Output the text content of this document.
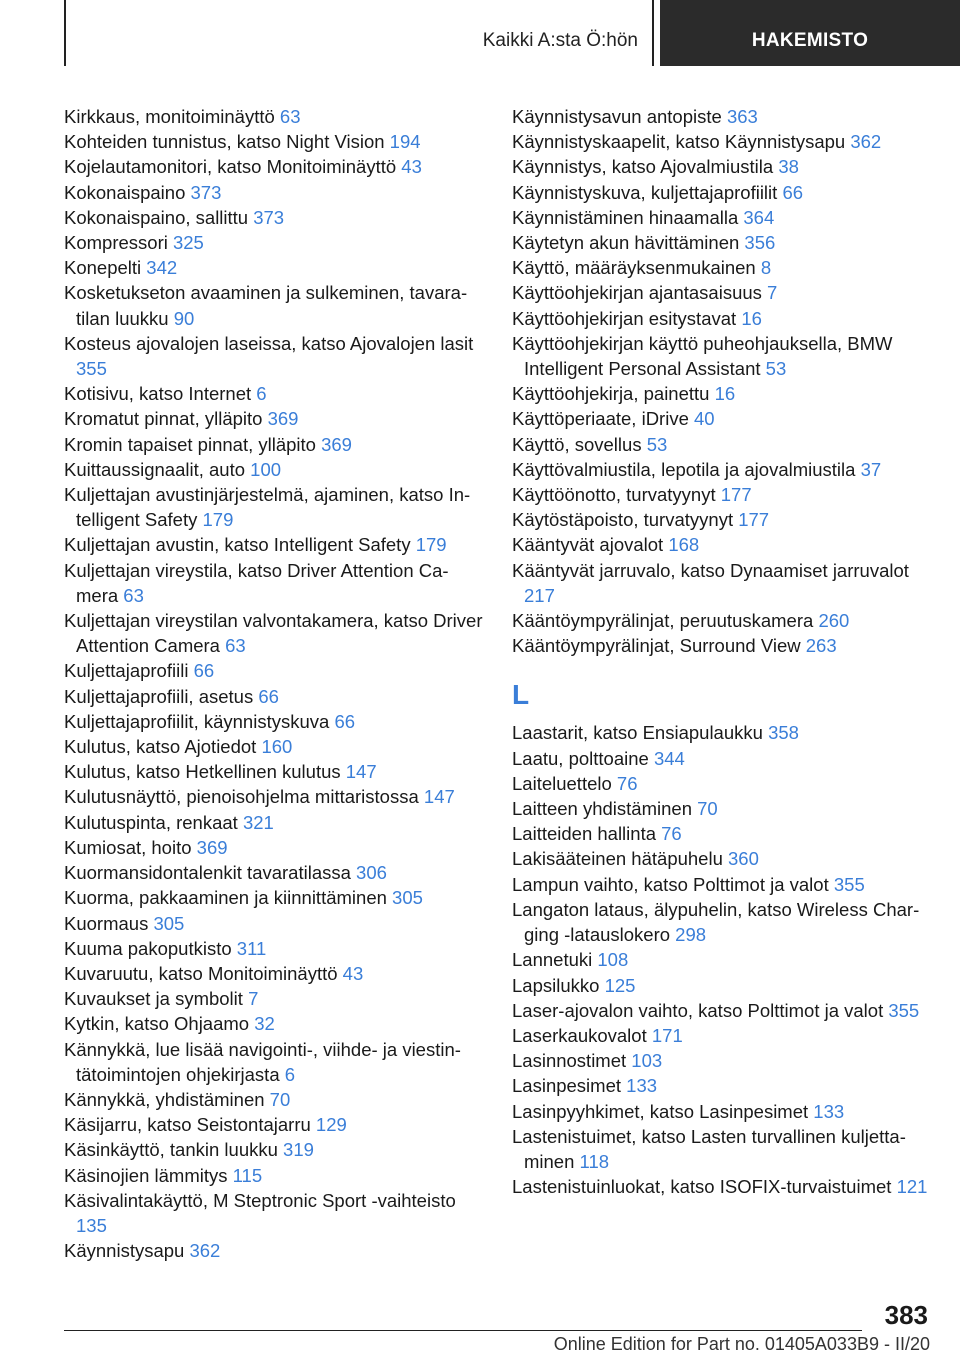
Kaikki A:sta Ö:hön	HAKEMISTO

Kirkkaus, monitoiminäyttö 63

Kohteiden tunnistus, katso Night Vision 194

Kojelautamonitori, katso Monitoiminäyttö 43

Kokonaispaino 373

Kokonaispaino, sallittu 373

Kompressori 325

Konepelti 342

Kosketukseton avaaminen ja sulkeminen, tavaratilan luukku 90

Kosteus ajovalojen laseissa, katso Ajovalojen lasit 355

Kotisivu, katso Internet 6

Kromatut pinnat, ylläpito 369

Kromin tapaiset pinnat, ylläpito 369

Kuittaussignaalit, auto 100

Kuljettajan avustinjärjestelmä, ajaminen, katso Intelligent Safety 179

Kuljettajan avustin, katso Intelligent Safety 179

Kuljettajan vireystila, katso Driver Attention Camera 63

Kuljettajan vireystilan valvontakamera, katso Driver Attention Camera 63

Kuljettajaprofiili 66

Kuljettajaprofiili, asetus 66

Kuljettajaprofiilit, käynnistyskuva 66

Kulutus, katso Ajotiedot 160

Kulutus, katso Hetkellinen kulutus 147

Kulutusnäyttö, pienoisohjelma mittaristossa 147

Kulutuspinta, renkaat 321

Kumiosat, hoito 369

Kuormansidontalenkit tavaratilassa 306

Kuorma, pakkaaminen ja kiinnittäminen 305

Kuormaus 305

Kuuma pakoputkisto 311

Kuvaruutu, katso Monitoiminäyttö 43

Kuvaukset ja symbolit 7

Kytkin, katso Ohjaamo 32

Kännykkä, lue lisää navigointi-, viihde- ja viestintätoimintojen ohjekirjasta 6

Kännykkä, yhdistäminen 70

Käsijarru, katso Seistontajarru 129

Käsinkäyttö, tankin luukku 319

Käsinojien lämmitys 115

Käsivalintakäyttö, M Steptronic Sport -vaihteisto 135

Käynnistysapu 362

Käynnistysavun antopiste 363

Käynnistyskaapelit, katso Käynnistysapu 362

Käynnistys, katso Ajovalmiustila 38

Käynnistyskuva, kuljettajaprofiilit 66

Käynnistäminen hinaamalla 364

Käytetyn akun hävittäminen 356

Käyttö, määräyksenmukainen 8

Käyttöohjekirjan ajantasaisuus 7

Käyttöohjekirjan esitystavat 16

Käyttöohjekirjan käyttö puheohjauksella, BMW Intelligent Personal Assistant 53

Käyttöohjekirja, painettu 16

Käyttöperiaate, iDrive 40

Käyttö, sovellus 53

Käyttövalmiustila, lepotila ja ajovalmiustila 37

Käyttöönotto, turvatyynyt 177

Käytöstäpoisto, turvatyynyt 177

Kääntyvät ajovalot 168

Kääntyvät jarruvalo, katso Dynaamiset jarruvalot 217

Kääntöympyrälinjat, peruutuskamera 260

Kääntöympyrälinjat, Surround View 263

L

Laastarit, katso Ensiapulaukku 358

Laatu, polttoaine 344

Laiteluettelo 76

Laitteen yhdistäminen 70

Laitteiden hallinta 76

Lakisääteinen hätäpuhelu 360

Lampun vaihto, katso Polttimot ja valot 355

Langaton lataus, älypuhelin, katso Wireless Charging -latauslokero 298

Lannetuki 108

Lapsilukko 125

Laser-ajovalon vaihto, katso Polttimot ja valot 355

Laserkaukovalot 171

Lasinnostimet 103

Lasinpesimet 133

Lasinpyyhkimet, katso Lasinpesimet 133

Lastenistuimet, katso Lasten turvallinen kuljettaminen 118

Lastenistuinluokat, katso ISOFIX-turvaistuimet 121

383
Online Edition for Part no. 01405A033B9 - II/20
